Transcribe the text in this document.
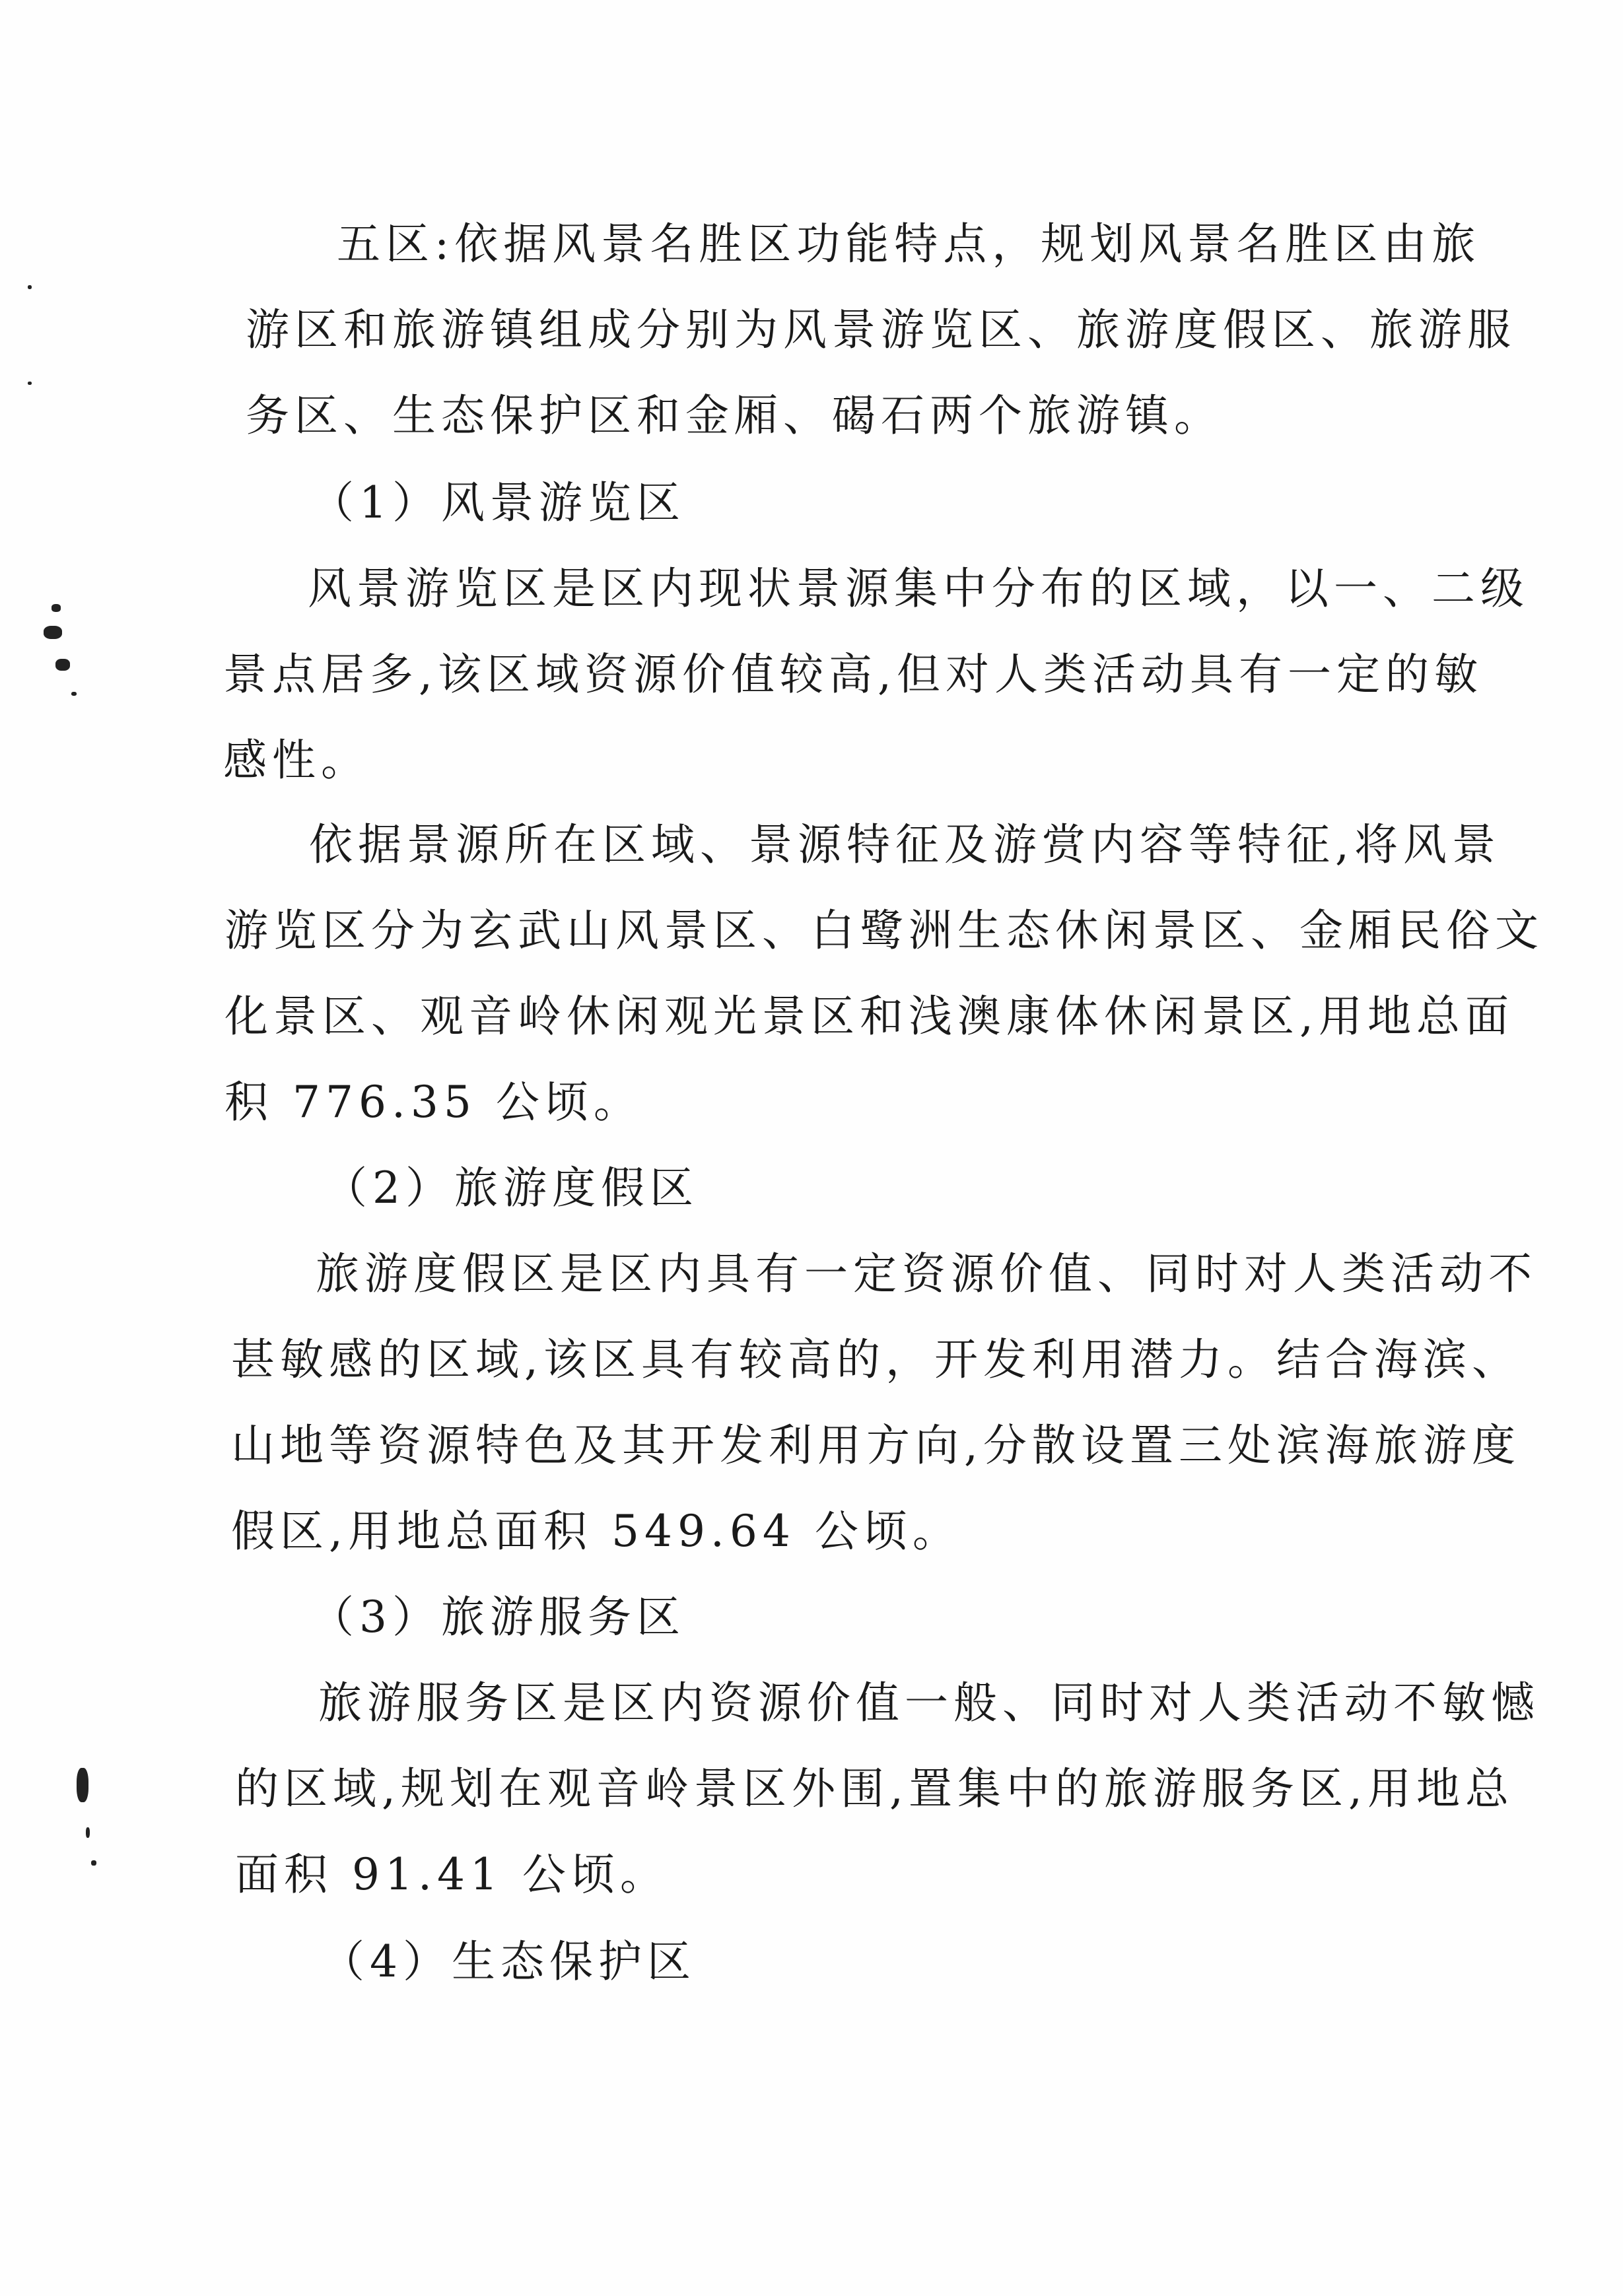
五区:依据风景名胜区功能特点，规划风景名胜区由旅
游区和旅游镇组成分别为风景游览区、旅游度假区、旅游服
务区、生态保护区和金厢、碣石两个旅游镇。
（1）风景游览区
风景游览区是区内现状景源集中分布的区域，以一、二级
景点居多,该区域资源价值较高,但对人类活动具有一定的敏
感性。
依据景源所在区域、景源特征及游赏内容等特征,将风景
游览区分为玄武山风景区、白鹭洲生态休闲景区、金厢民俗文
化景区、观音岭休闲观光景区和浅澳康体休闲景区,用地总面
积 776.35 公顷。
（2）旅游度假区
旅游度假区是区内具有一定资源价值、同时对人类活动不
甚敏感的区域,该区具有较高的，开发利用潜力。结合海滨、
山地等资源特色及其开发利用方向,分散设置三处滨海旅游度
假区,用地总面积 549.64 公顷。
（3）旅游服务区
旅游服务区是区内资源价值一般、同时对人类活动不敏憾
的区域,规划在观音岭景区外围,置集中的旅游服务区,用地总
面积 91.41 公顷。
（4）生态保护区
